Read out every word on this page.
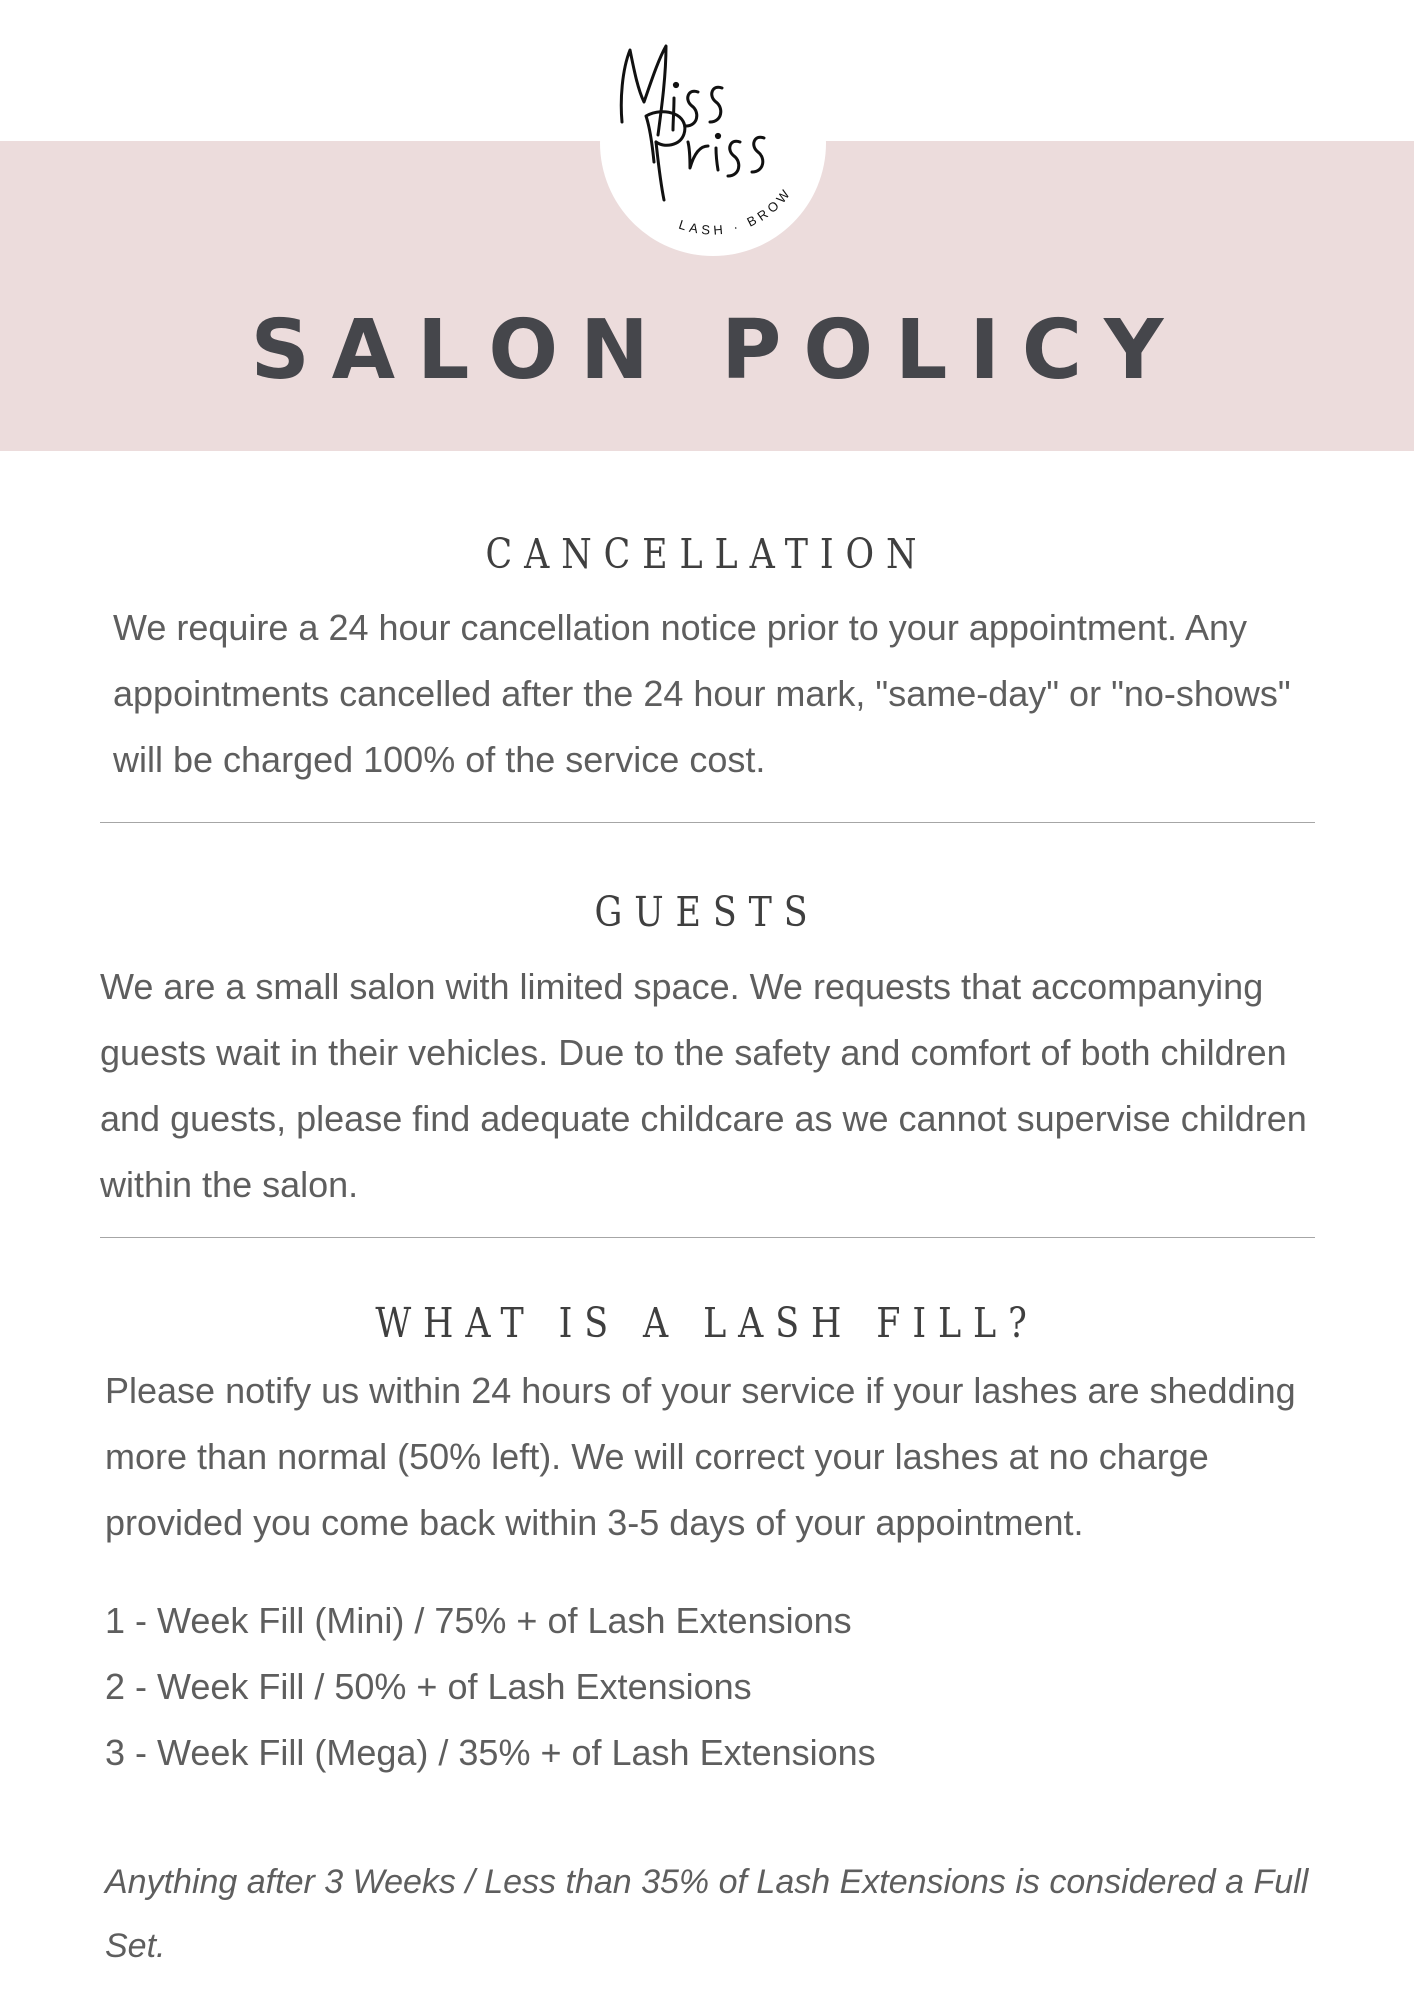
LASH · BROW
SALON POLICY
CANCELLATION

We require a 24 hour cancellation notice prior to your appointment. Any appointments cancelled after the 24 hour mark, "same-day" or "no-shows" will be charged 100% of the service cost.

GUESTS

We are a small salon with limited space. We requests that accompanying guests wait in their vehicles. Due to the safety and comfort of both children and guests, please find adequate childcare as we cannot supervise children within the salon.

WHAT IS A LASH FILL?

Please notify us within 24 hours of your service if your lashes are shedding more than normal (50% left). We will correct your lashes at no charge provided you come back within 3-5 days of your appointment.

1 - Week Fill (Mini) / 75% + of Lash Extensions
2 - Week Fill / 50% + of Lash Extensions
3 - Week Fill (Mega) / 35% + of Lash Extensions

Anything after 3 Weeks / Less than 35% of Lash Extensions is considered a Full Set.
